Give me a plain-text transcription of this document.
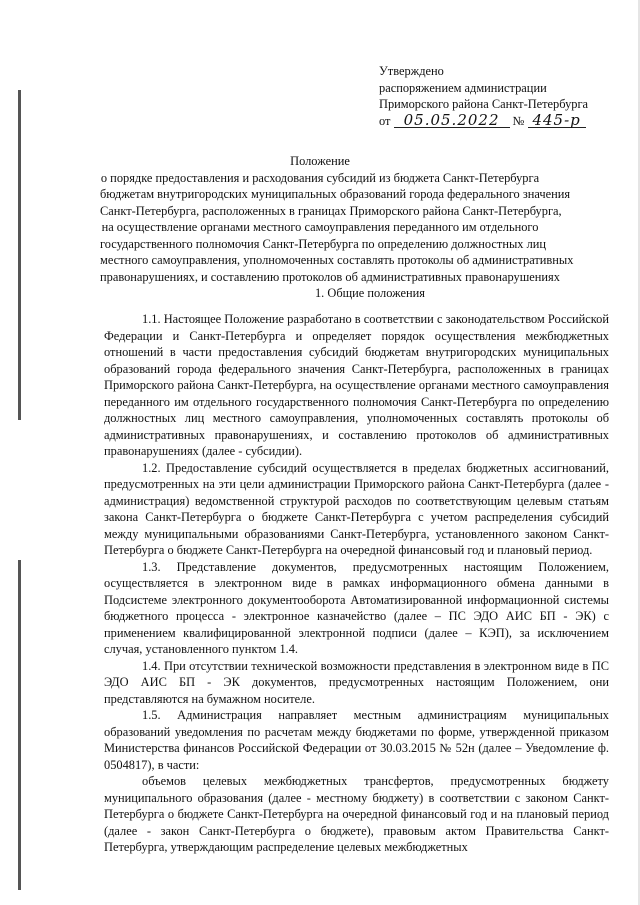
Утверждено
распоряжением администрации
Приморского района Санкт-Петербурга
от 05.05.2022 № 445-р
Положение
о порядке предоставления и расходования субсидий из бюджета Санкт-Петербурга
бюджетам внутригородских муниципальных образований города федерального значения
Санкт-Петербурга, расположенных в границах Приморского района Санкт-Петербурга,
на осуществление органами местного самоуправления переданного им отдельного
государственного полномочия Санкт-Петербурга по определению должностных лиц
местного самоуправления, уполномоченных составлять протоколы об административных
правонарушениях, и составлению протоколов об административных правонарушениях
1. Общие положения

1.1. Настоящее Положение разработано в соответствии с законодательством Российской Федерации и Санкт-Петербурга и определяет порядок осуществления межбюджетных отношений в части предоставления субсидий бюджетам внутригородских муниципальных образований города федерального значения Санкт-Петербурга, расположенных в границах Приморского района Санкт-Петербурга, на осуществление органами местного самоуправления переданного им отдельного государственного полномочия Санкт-Петербурга по определению должностных лиц местного самоуправления, уполномоченных составлять протоколы об административных правонарушениях, и составлению протоколов об административных правонарушениях (далее - субсидии).

1.2. Предоставление субсидий осуществляется в пределах бюджетных ассигнований, предусмотренных на эти цели администрации Приморского района Санкт-Петербурга (далее - администрация) ведомственной структурой расходов по соответствующим целевым статьям закона Санкт-Петербурга о бюджете Санкт-Петербурга с учетом распределения субсидий между муниципальными образованиями Санкт-Петербурга, установленного законом Санкт-Петербурга о бюджете Санкт-Петербурга на очередной финансовый год и плановый период.

1.3. Представление документов, предусмотренных настоящим Положением, осуществляется в электронном виде в рамках информационного обмена данными в Подсистеме электронного документооборота Автоматизированной информационной системы бюджетного процесса - электронное казначейство (далее – ПС ЭДО АИС БП - ЭК) с применением квалифицированной электронной подписи (далее – КЭП), за исключением случая, установленного пунктом 1.4.

1.4. При отсутствии технической возможности представления в электронном виде в ПС ЭДО АИС БП - ЭК документов, предусмотренных настоящим Положением, они представляются на бумажном носителе.

1.5. Администрация направляет местным администрациям муниципальных образований уведомления по расчетам между бюджетами по форме, утвержденной приказом Министерства финансов Российской Федерации от 30.03.2015 № 52н (далее – Уведомление ф. 0504817), в части:

объемов целевых межбюджетных трансфертов, предусмотренных бюджету муниципального образования (далее - местному бюджету) в соответствии с законом Санкт-Петербурга о бюджете Санкт-Петербурга на очередной финансовый год и на плановый период (далее - закон Санкт-Петербурга о бюджете), правовым актом Правительства Санкт-Петербурга, утверждающим распределение целевых межбюджетных
